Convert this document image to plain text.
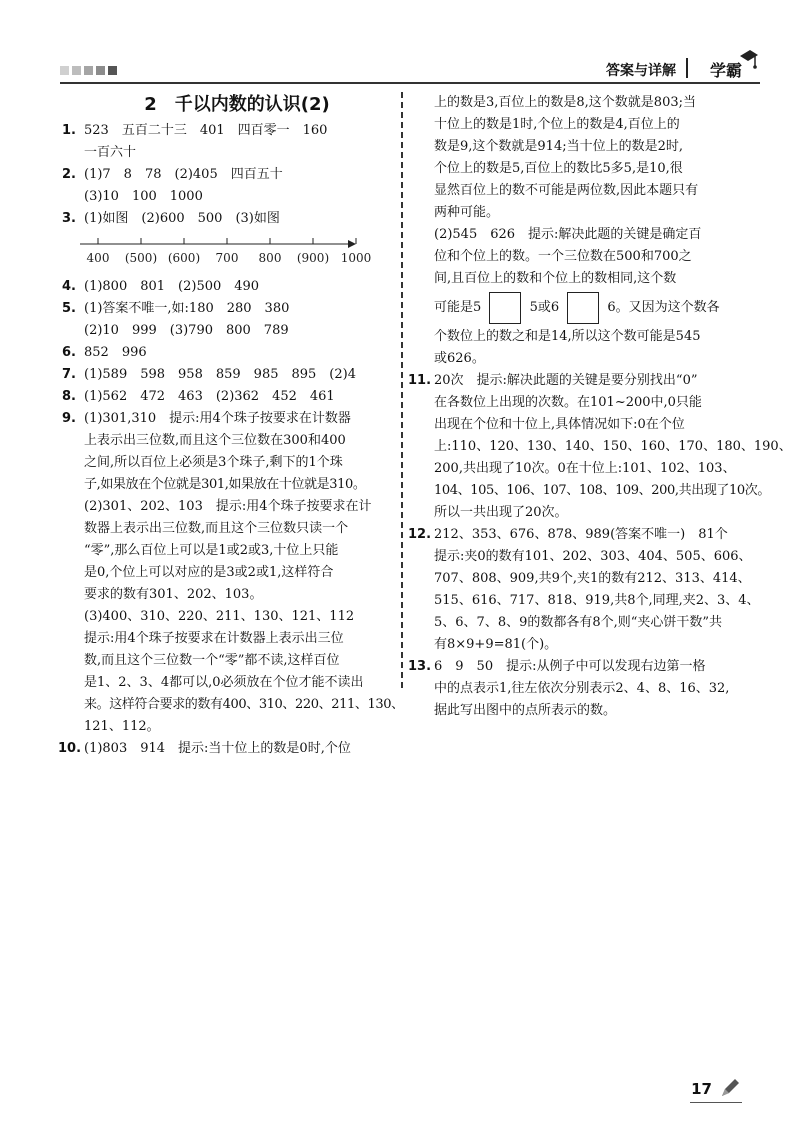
答案与详解 学霸
2　千以内数的认识(2)
1. 523　五百二十三　401　四百零一　160
一百六十
2. (1)7　8　78　(2)405　四百五十
(3)10　100　1000
3. (1)如图　(2)600　500　(3)如图
400 (500) (600) 700 800 (900) 1000
4. (1)800　801　(2)500　490
5. (1)答案不唯一,如:180　280　380
(2)10　999　(3)790　800　789
6. 852　996
7. (1)589　598　958　859　985　895　(2)4
8. (1)562　472　463　(2)362　452　461
9. (1)301,310　提示:用4个珠子按要求在计数器
上表示出三位数,而且这个三位数在300和400
之间,所以百位上必须是3个珠子,剩下的1个珠
子,如果放在个位就是301,如果放在十位就是310。
(2)301、202、103　提示:用4个珠子按要求在计
数器上表示出三位数,而且这个三位数只读一个
“零”,那么百位上可以是1或2或3,十位上只能
是0,个位上可以对应的是3或2或1,这样符合
要求的数有301、202、103。
(3)400、310、220、211、130、121、112
提示:用4个珠子按要求在计数器上表示出三位
数,而且这个三位数一个“零”都不读,这样百位
是1、2、3、4都可以,0必须放在个位才能不读出
来。这样符合要求的数有400、310、220、211、130、
121、112。
10. (1)803　914　提示:当十位上的数是0时,个位
上的数是3,百位上的数是8,这个数就是803;当
十位上的数是1时,个位上的数是4,百位上的
数是9,这个数就是914;当十位上的数是2时,
个位上的数是5,百位上的数比5多5,是10,很
显然百位上的数不可能是两位数,因此本题只有
两种可能。
(2)545　626　提示:解决此题的关键是确定百
位和个位上的数。一个三位数在500和700之
间,且百位上的数和个位上的数相同,这个数
可能是5	5或6	6。又因为这个数各
个数位上的数之和是14,所以这个数可能是545
或626。
11. 20次　提示:解决此题的关键是要分别找出“0”
在各数位上出现的次数。在101~200中,0只能
出现在个位和十位上,具体情况如下:0在个位
上:110、120、130、140、150、160、170、180、190、
200,共出现了10次。0在十位上:101、102、103、
104、105、106、107、108、109、200,共出现了10次。
所以一共出现了20次。
12. 212、353、676、878、989(答案不唯一)　81个
提示:夹0的数有101、202、303、404、505、606、
707、808、909,共9个,夹1的数有212、313、414、
515、616、717、818、919,共8个,同理,夹2、3、4、
5、6、7、8、9的数都各有8个,则“夹心饼干数”共
有8×9+9=81(个)。
13. 6　9　50　提示:从例子中可以发现右边第一格
中的点表示1,往左依次分别表示2、4、8、16、32,
据此写出图中的点所表示的数。
17
